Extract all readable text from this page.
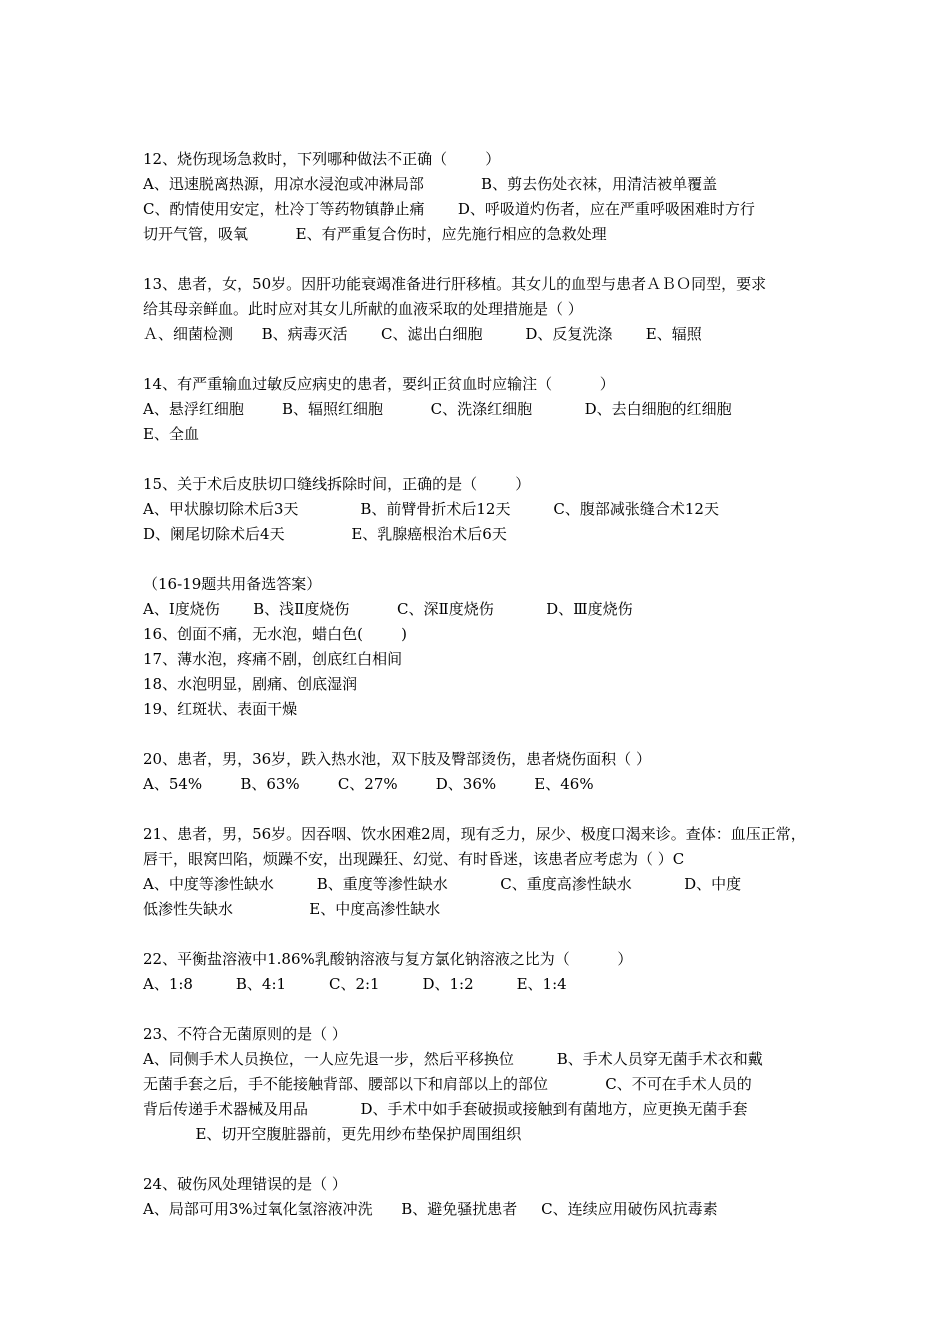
12、烧伤现场急救时，下列哪种做法不正确（        ）
A、迅速脱离热源，用凉水浸泡或冲淋局部            B、剪去伤处衣袜，用清洁被单覆盖
C、酌情使用安定，杜冷丁等药物镇静止痛       D、呼吸道灼伤者，应在严重呼吸困难时方行
切开气管，吸氧          E、有严重复合伤时，应先施行相应的急救处理
13、患者，女，50岁。因肝功能衰竭准备进行肝移植。其女儿的血型与患者ＡＢＯ同型，要求
给其母亲鲜血。此时应对其女儿所献的血液采取的处理措施是（ ）
Ａ、细菌检测      B、病毒灭活       C、滤出白细胞         D、反复洗涤       E、辐照
14、有严重输血过敏反应病史的患者，要纠正贫血时应输注（          ）
A、悬浮红细胞        B、辐照红细胞          C、洗涤红细胞           D、去白细胞的红细胞
E、全血
15、关于术后皮肤切口缝线拆除时间，正确的是（        ）
A、甲状腺切除术后3天             B、前臂骨折术后12天         C、腹部减张缝合术12天
D、阑尾切除术后4天              E、乳腺癌根治术后6天
（16-19题共用备选答案）
A、Ⅰ度烧伤       B、浅Ⅱ度烧伤          C、深Ⅱ度烧伤           D、Ⅲ度烧伤
16、创面不痛，无水泡，蜡白色(        )
17、薄水泡，疼痛不剧，创底红白相间
18、水泡明显，剧痛、创底湿润
19、红斑状、表面干燥
20、患者，男，36岁，跌入热水池，双下肢及臀部烫伤，患者烧伤面积（ ）
A、54%        B、63%        C、27%        D、36%        E、46%
21、患者，男，56岁。因吞咽、饮水困难2周，现有乏力，尿少、极度口渴来诊。查体：血压正常，
唇干，眼窝凹陷，烦躁不安，出现躁狂、幻觉、有时昏迷，该患者应考虑为（ ）C
A、中度等渗性缺水         B、重度等渗性缺水           C、重度高渗性缺水           D、中度
低渗性失缺水                E、中度高渗性缺水
22、平衡盐溶液中1.86%乳酸钠溶液与复方氯化钠溶液之比为（          ）
A、1:8         B、4:1         C、2:1         D、1:2         E、1:4
23、不符合无菌原则的是（ ）
A、同侧手术人员换位，一人应先退一步，然后平移换位         B、手术人员穿无菌手术衣和戴
无菌手套之后，手不能接触背部、腰部以下和肩部以上的部位            C、不可在手术人员的
背后传递手术器械及用品           D、手术中如手套破损或接触到有菌地方，应更换无菌手套
E、切开空腹脏器前，更先用纱布垫保护周围组织
24、破伤风处理错误的是（ ）
A、局部可用3%过氧化氢溶液冲洗      B、避免骚扰患者     C、连续应用破伤风抗毒素
